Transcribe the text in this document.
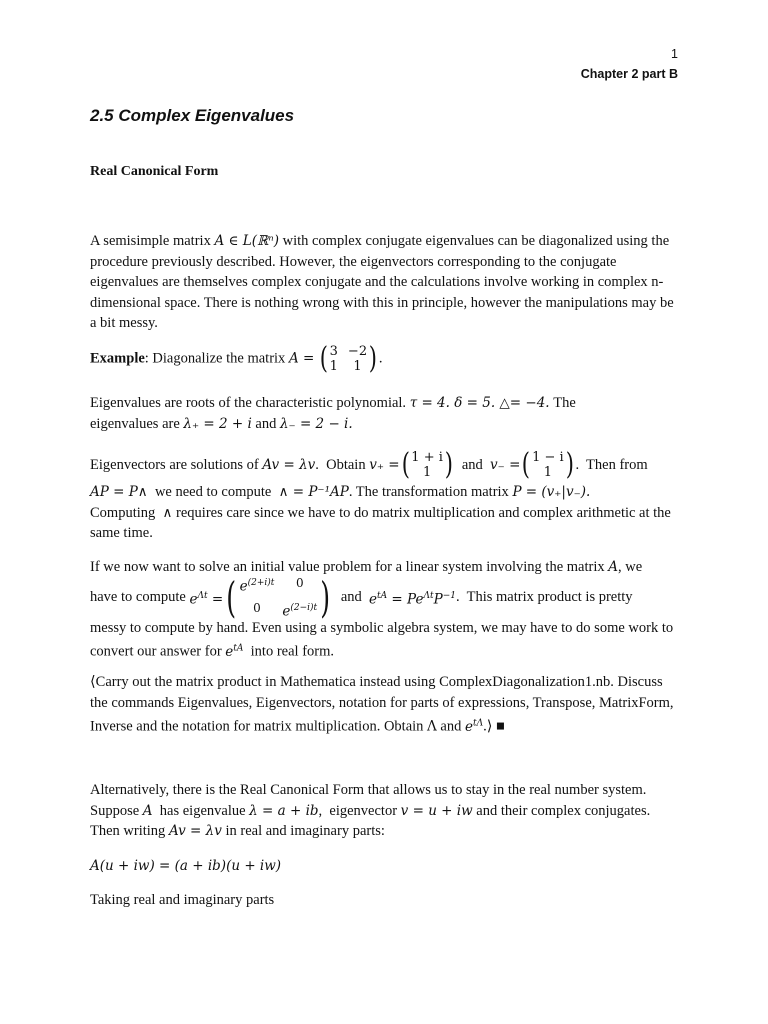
1
Chapter 2 part B
2.5 Complex Eigenvalues
Real Canonical Form
A semisimple matrix A ∈ L(ℝⁿ) with complex conjugate eigenvalues can be diagonalized using the procedure previously described. However, the eigenvectors corresponding to the conjugate eigenvalues are themselves complex conjugate and the calculations involve working in complex n-dimensional space. There is nothing wrong with this in principle, however the manipulations may be a bit messy.
Example: Diagonalize the matrix A = ( 3 −2
1	1 ) .
Eigenvalues are roots of the characteristic polynomial. τ = 4. δ = 5. △= −4. The
eigenvalues are λ₊ = 2 + i and λ₋ = 2 − i.
Eigenvectors are solutions of
Av = λv .  Obtain v₊ = ( 1 + i
1 ) and v₋ = ( 1 − i
1 ) .  Then from
AP = P∧  we need to compute  ∧ = P⁻¹AP. The transformation matrix P = (v₊|v₋).
Computing  ∧ requires care since we have to do matrix multiplication and complex arithmetic at the same time.
If we now want to solve an initial value problem for a linear system involving the matrix A, we
have to compute $e^{\Lambda t}$ = ( $e^{(2+i)t}$	0
0	$e^{(2-i)t}$ ) and $e^{tA} = Pe^{\Lambda t}P^{-1}$ .  This matrix product is pretty
messy to compute by hand. Even using a symbolic algebra system, we may have to do some work to convert our answer for $e^{tA}$  into real form.
⟨Carry out the matrix product in Mathematica instead using ComplexDiagonalization1.nb. Discuss the commands Eigenvalues, Eigenvectors, notation for parts of expressions, Transpose, MatrixForm, Inverse and the notation for matrix multiplication. Obtain Λ and $e^{t\Lambda}.⟩$ ■
Alternatively, there is the Real Canonical Form that allows us to stay in the real number system. Suppose A  has eigenvalue λ = a + ib,  eigenvector v = u + iw and their complex conjugates.
Then writing Av = λv in real and imaginary parts:
A(u + iw) = (a + ib)(u + iw)
Taking real and imaginary parts
